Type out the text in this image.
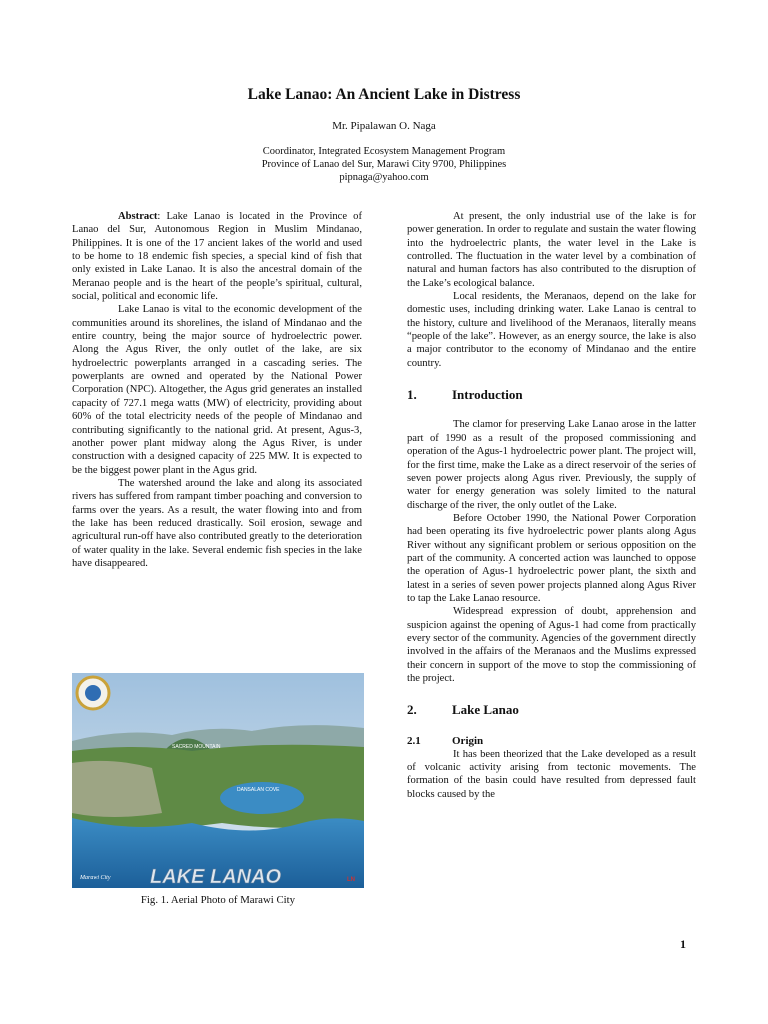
Lake Lanao: An Ancient Lake in Distress
Mr. Pipalawan O. Naga
Coordinator, Integrated Ecosystem Management Program
Province of Lanao del Sur, Marawi City 9700, Philippines
pipnaga@yahoo.com

Abstract: Lake Lanao is located in the Province of Lanao del Sur, Autonomous Region in Muslim Mindanao, Philippines. It is one of the 17 ancient lakes of the world and used to be home to 18 endemic fish species, a special kind of fish that only existed in Lake Lanao. It is also the ancestral domain of the Meranao people and is the heart of the people’s spiritual, cultural, social, political and economic life.

Lake Lanao is vital to the economic development of the communities around its shorelines, the island of Mindanao and the entire country, being the major source of hydroelectric power. Along the Agus River, the only outlet of the lake, are six hydroelectric powerplants arranged in a cascading series. The powerplants are owned and operated by the National Power Corporation (NPC). Altogether, the Agus grid generates an installed capacity of 727.1 mega watts (MW) of electricity, providing about 60% of the total electricity needs of the people of Mindanao and contributing significantly to the national grid. At present, Agus-3, another power plant midway along the Agus River, is under construction with a designed capacity of 225 MW. It is expected to be the biggest power plant in the Agus grid.

The watershed around the lake and along its associated rivers has suffered from rampant timber poaching and conversion to farms over the years. As a result, the water flowing into and from the lake has been reduced drastically. Soil erosion, sewage and agricultural run-off have also contributed greatly to the deterioration of water quality in the lake. Several endemic fish species in the lake have disappeared.

SACRED MOUNTAIN
DANSALAN COVE
LAKE LANAO
Marawi City	LN
Fig. 1. Aerial Photo of Marawi City

At present, the only industrial use of the lake is for power generation. In order to regulate and sustain the water flowing into the hydroelectric plants, the water level in the Lake is controlled. The fluctuation in the water level by a combination of natural and human factors has also contributed to the disruption of the Lake’s ecological balance.

Local residents, the Meranaos, depend on the lake for domestic uses, including drinking water. Lake Lanao is central to the history, culture and livelihood of the Meranaos, literally means “people of the lake”. However, as an energy source, the lake is also a major contributor to the economy of Mindanao and the entire country.

1.	Introduction

The clamor for preserving Lake Lanao arose in the latter part of 1990 as a result of the proposed commissioning and operation of the Agus-1 hydroelectric power plant. The project will, for the first time, make the Lake as a direct reservoir of the series of seven power projects along Agus river. Previously, the supply of water for energy generation was solely limited to the natural discharge of the river, the only outlet of the Lake.

Before October 1990, the National Power Corporation had been operating its five hydroelectric power plants along Agus River without any significant problem or serious opposition on the part of the community. A concerted action was launched to oppose the operation of Agus-1 hydroelectric power plant, the sixth and latest in a series of seven power projects planned along Agus River to tap the Lake Lanao resource.

Widespread expression of doubt, apprehension and suspicion against the opening of Agus-1 had come from practically every sector of the community. Agencies of the government directly involved in the affairs of the Meranaos and the Muslims expressed their concern in support of the move to stop the commissioning of the project.

2.	Lake Lanao
2.1	Origin

It has been theorized that the Lake developed as a result of volcanic activity arising from tectonic movements. The formation of the basin could have resulted from depressed fault blocks caused by the

1
